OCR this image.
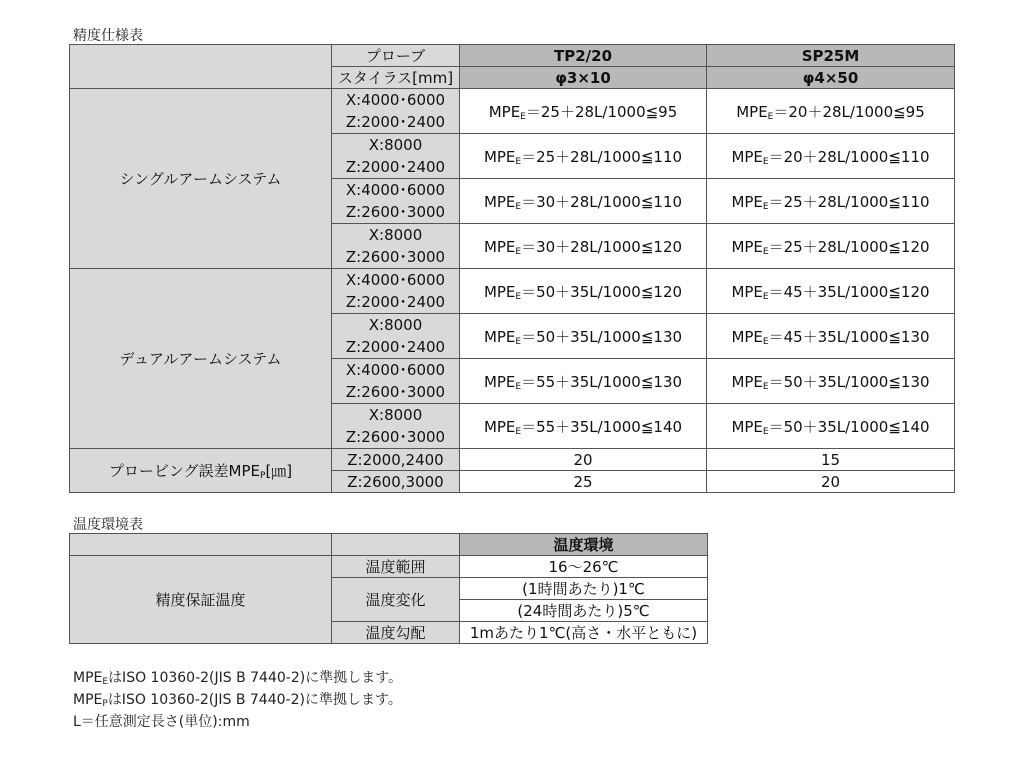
精度仕様表
	プローブ	TP2/20	SP25M
	スタイラス[mm]	φ3×10	φ4×50
シングルアームシステム	X:4000･6000
Z:2000･2400	$MPE_E=25+28L/1000≦95$	$MPE_E=20+28L/1000≦95$

	X:8000
Z:2000･2400	$MPE_E=25+28L/1000≦110$	$MPE_E=20+28L/1000≦110$

	X:4000･6000
Z:2600･3000	$MPE_E=30+28L/1000≦110$	$MPE_E=25+28L/1000≦110$

	X:8000
Z:2600･3000	$MPE_E=30+28L/1000≦120$	$MPE_E=25+28L/1000≦120$
デュアルアームシステム	X:4000･6000
Z:2000･2400	$MPE_E=50+35L/1000≦120$	$MPE_E=45+35L/1000≦120$

	X:8000
Z:2000･2400	$MPE_E=50+35L/1000≦130$	$MPE_E=45+35L/1000≦130$

	X:4000･6000
Z:2600･3000	$MPE_E=55+35L/1000≦130$	$MPE_E=50+35L/1000≦130$

	X:8000
Z:2600･3000	$MPE_E=55+35L/1000≦140$	$MPE_E=50+35L/1000≦140$
プロービング誤差$MPE_P[㎛]$	Z:2000,2400	20	15
	Z:2600,3000	25	20
温度環境表
		温度環境
精度保証温度	温度範囲	16～26℃
	温度変化	(1時間あたり)1℃
		(24時間あたり)5℃
	温度勾配	1mあたり1℃(高さ・水平ともに)
$MPE_E$はISO 10360-2(JIS B 7440-2)に準拠します。
$MPE_P$はISO 10360-2(JIS B 7440-2)に準拠します。
L＝任意測定長さ(単位):mm
